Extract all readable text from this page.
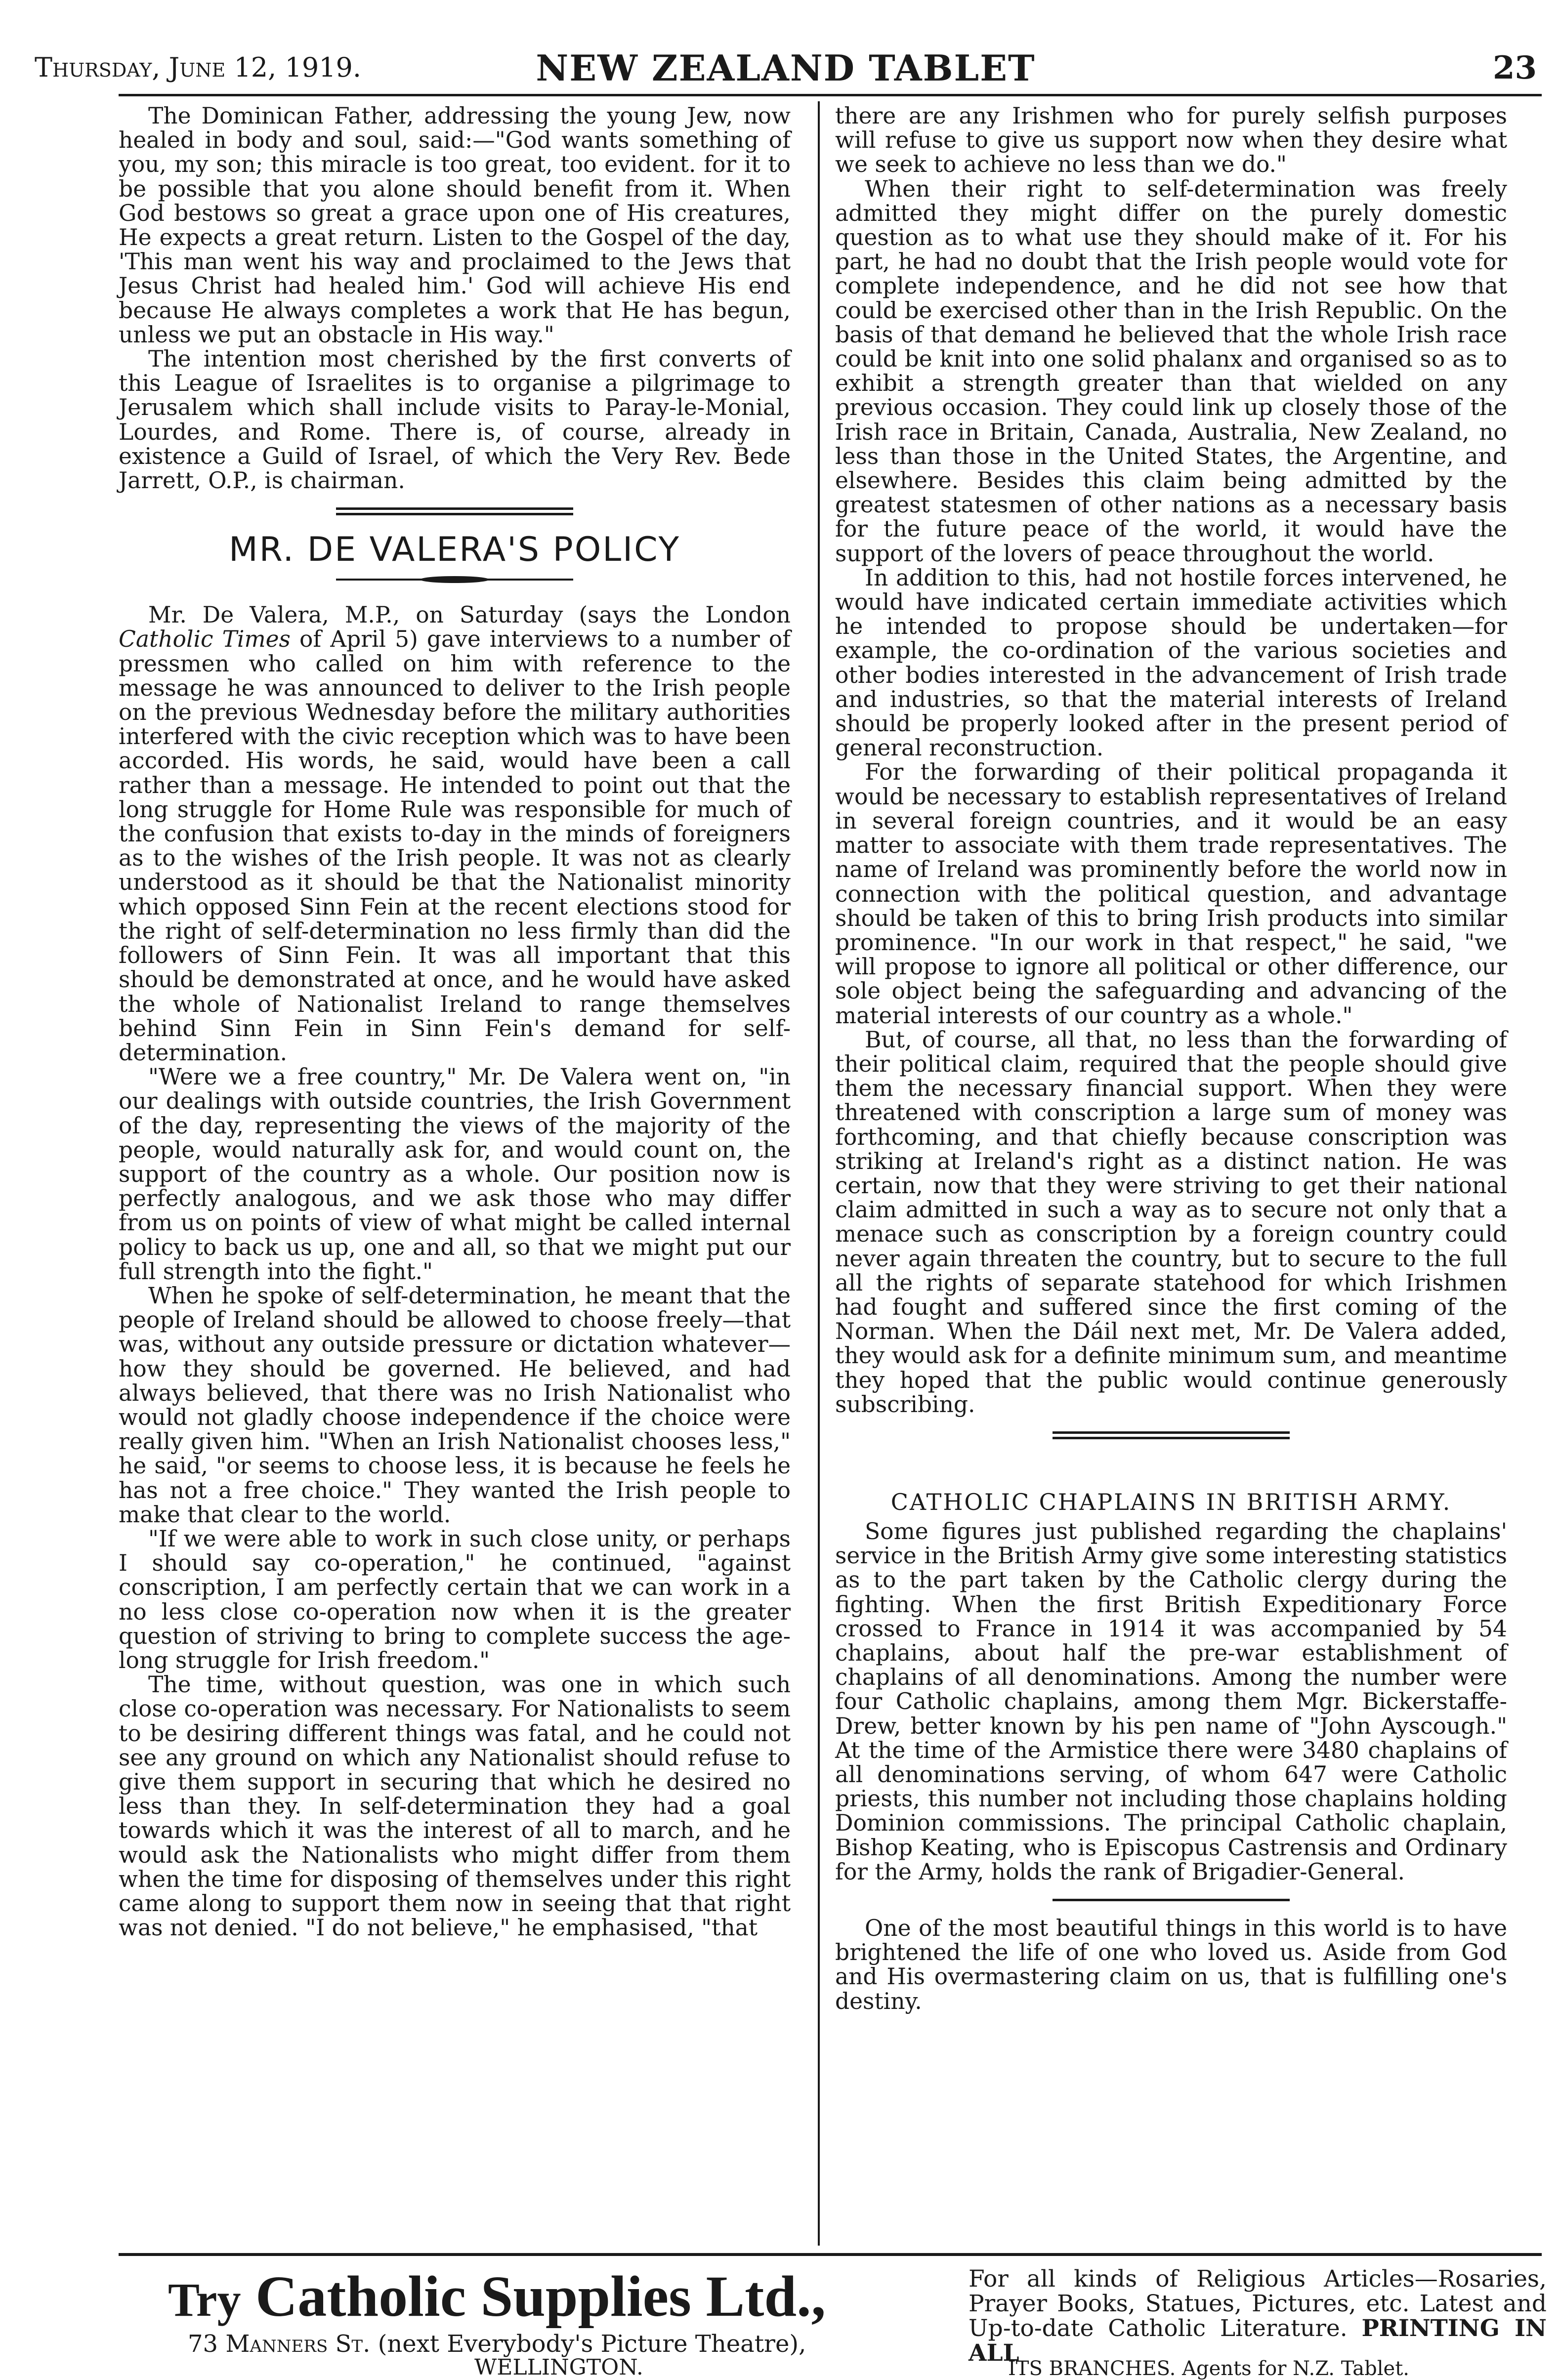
Thursday, June 12, 1919.	NEW ZEALAND TABLET	23

The Dominican Father, addressing the young Jew, now healed in body and soul, said:—"God wants something of you, my son; this miracle is too great, too evident. for it to be possible that you alone should benefit from it. When God bestows so great a grace upon one of His creatures, He expects a great return. Listen to the Gospel of the day, 'This man went his way and proclaimed to the Jews that Jesus Christ had healed him.' God will achieve His end because He always completes a work that He has begun, unless we put an obstacle in His way."

The intention most cherished by the first converts of this League of Israelites is to organise a pilgrimage to Jerusalem which shall include visits to Paray-le-Monial, Lourdes, and Rome. There is, of course, already in existence a Guild of Israel, of which the Very Rev. Bede Jarrett, O.P., is chairman.

MR. DE VALERA'S POLICY

Mr. De Valera, M.P., on Saturday (says the London Catholic Times of April 5) gave interviews to a number of pressmen who called on him with reference to the message he was announced to deliver to the Irish people on the previous Wednesday before the military authorities interfered with the civic reception which was to have been accorded. His words, he said, would have been a call rather than a message. He intended to point out that the long struggle for Home Rule was responsible for much of the confusion that exists to-day in the minds of foreigners as to the wishes of the Irish people. It was not as clearly understood as it should be that the Nationalist minority which opposed Sinn Fein at the recent elections stood for the right of self-determination no less firmly than did the followers of Sinn Fein. It was all important that this should be demonstrated at once, and he would have asked the whole of Nationalist Ireland to range themselves behind Sinn Fein in Sinn Fein's demand for self-determination.

"Were we a free country," Mr. De Valera went on, "in our dealings with outside countries, the Irish Government of the day, representing the views of the majority of the people, would naturally ask for, and would count on, the support of the country as a whole. Our position now is perfectly analogous, and we ask those who may differ from us on points of view of what might be called internal policy to back us up, one and all, so that we might put our full strength into the fight."

When he spoke of self-determination, he meant that the people of Ireland should be allowed to choose freely—that was, without any outside pressure or dictation whatever—how they should be governed. He believed, and had always believed, that there was no Irish Nationalist who would not gladly choose independence if the choice were really given him. "When an Irish Nationalist chooses less," he said, "or seems to choose less, it is because he feels he has not a free choice." They wanted the Irish people to make that clear to the world.

"If we were able to work in such close unity, or perhaps I should say co-operation," he continued, "against conscription, I am perfectly certain that we can work in a no less close co-operation now when it is the greater question of striving to bring to complete success the age-long struggle for Irish freedom."

The time, without question, was one in which such close co-operation was necessary. For Nationalists to seem to be desiring different things was fatal, and he could not see any ground on which any Nationalist should refuse to give them support in securing that which he desired no less than they. In self-determination they had a goal towards which it was the interest of all to march, and he would ask the Nationalists who might differ from them when the time for disposing of themselves under this right came along to support them now in seeing that that right was not denied. "I do not believe," he emphasised, "that

there are any Irishmen who for purely selfish purposes will refuse to give us support now when they desire what we seek to achieve no less than we do."

When their right to self-determination was freely admitted they might differ on the purely domestic question as to what use they should make of it. For his part, he had no doubt that the Irish people would vote for complete independence, and he did not see how that could be exercised other than in the Irish Republic. On the basis of that demand he believed that the whole Irish race could be knit into one solid phalanx and organised so as to exhibit a strength greater than that wielded on any previous occasion. They could link up closely those of the Irish race in Britain, Canada, Australia, New Zealand, no less than those in the United States, the Argentine, and elsewhere. Besides this claim being admitted by the greatest statesmen of other nations as a necessary basis for the future peace of the world, it would have the support of the lovers of peace throughout the world.

In addition to this, had not hostile forces intervened, he would have indicated certain immediate activities which he intended to propose should be undertaken—for example, the co-ordination of the various societies and other bodies interested in the advancement of Irish trade and industries, so that the material interests of Ireland should be properly looked after in the present period of general reconstruction.

For the forwarding of their political propaganda it would be necessary to establish representatives of Ireland in several foreign countries, and it would be an easy matter to associate with them trade representatives. The name of Ireland was prominently before the world now in connection with the political question, and advantage should be taken of this to bring Irish products into similar prominence. "In our work in that respect," he said, "we will propose to ignore all political or other difference, our sole object being the safeguarding and advancing of the material interests of our country as a whole."

But, of course, all that, no less than the forwarding of their political claim, required that the people should give them the necessary financial support. When they were threatened with conscription a large sum of money was forthcoming, and that chiefly because conscription was striking at Ireland's right as a distinct nation. He was certain, now that they were striving to get their national claim admitted in such a way as to secure not only that a menace such as conscription by a foreign country could never again threaten the country, but to secure to the full all the rights of separate statehood for which Irishmen had fought and suffered since the first coming of the Norman. When the Dáil next met, Mr. De Valera added, they would ask for a definite minimum sum, and meantime they hoped that the public would continue generously subscribing.

CATHOLIC CHAPLAINS IN BRITISH ARMY.

Some figures just published regarding the chaplains' service in the British Army give some interesting statistics as to the part taken by the Catholic clergy during the fighting. When the first British Expeditionary Force crossed to France in 1914 it was accompanied by 54 chaplains, about half the pre-war establishment of chaplains of all denominations. Among the number were four Catholic chaplains, among them Mgr. Bickerstaffe-Drew, better known by his pen name of "John Ayscough." At the time of the Armistice there were 3480 chaplains of all denominations serving, of whom 647 were Catholic priests, this number not including those chaplains holding Dominion commissions. The principal Catholic chaplain, Bishop Keating, who is Episcopus Castrensis and Ordinary for the Army, holds the rank of Brigadier-General.

One of the most beautiful things in this world is to have brightened the life of one who loved us. Aside from God and His overmastering claim on us, that is fulfilling one's destiny.

Try Catholic Supplies Ltd.,
73 Manners St. (next Everybody's Picture Theatre),
WELLINGTON.
For all kinds of Religious Articles—Rosaries, Prayer Books, Statues, Pictures, etc. Latest and Up-to-date Catholic Literature. PRINTING IN ALL
ITS BRANCHES. Agents for N.Z. Tablet.
